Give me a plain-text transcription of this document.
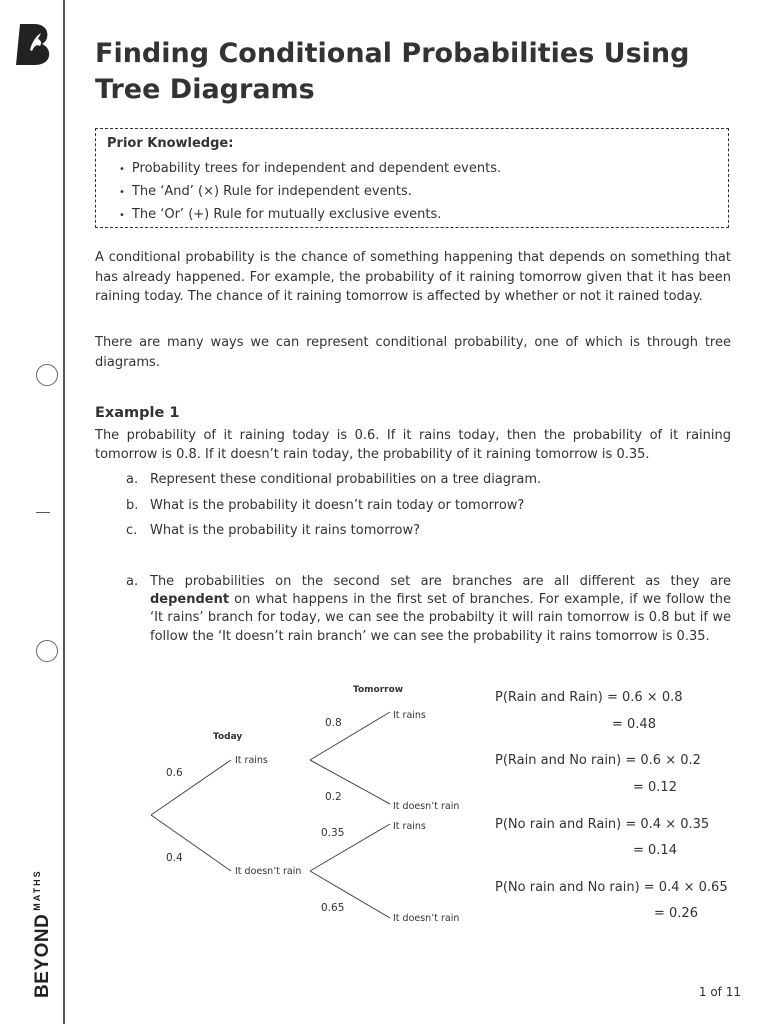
$BEYOND^{MATHS}$
Finding Conditional Probabilities Using
Tree Diagrams

Prior Knowledge:

• Probability trees for independent and dependent events.
• The ‘And’ (×) Rule for independent events.
• The ‘Or’ (+) Rule for mutually exclusive events.

A conditional probability is the chance of something happening that depends on something that has already happened. For example, the probability of it raining tomorrow given that it has been raining today. The chance of it raining tomorrow is affected by whether or not it rained today.

There are many ways we can represent conditional probability, one of which is through tree diagrams.

Example 1

The probability of it raining today is 0.6. If it rains today, then the probability of it raining tomorrow is 0.8. If it doesn’t rain today, the probability of it raining tomorrow is 0.35.

a. Represent these conditional probabilities on a tree diagram.
b. What is the probability it doesn’t rain today or tomorrow?
c. What is the probability it rains tomorrow?
a. The probabilities on the second set are branches are all different as they are dependent on what happens in the first set of branches. For example, if we follow the ‘It rains’ branch for today, we can see the probabilty it will rain tomorrow is 0.8 but if we follow the ‘It doesn’t rain branch’ we can see the probability it rains tomorrow is 0.35.
Today
Tomorrow
0.6
0.4
It rains
It doesn’t rain
0.8
0.2
It rains
It doesn’t rain
0.35
0.65
It rains
It doesn’t rain
P(Rain and Rain) = 0.6 × 0.8
= 0.48
P(Rain and No rain) = 0.6 × 0.2
= 0.12
P(No rain and Rain) = 0.4 × 0.35
= 0.14
P(No rain and No rain) = 0.4 × 0.65
= 0.26
1 of 11
